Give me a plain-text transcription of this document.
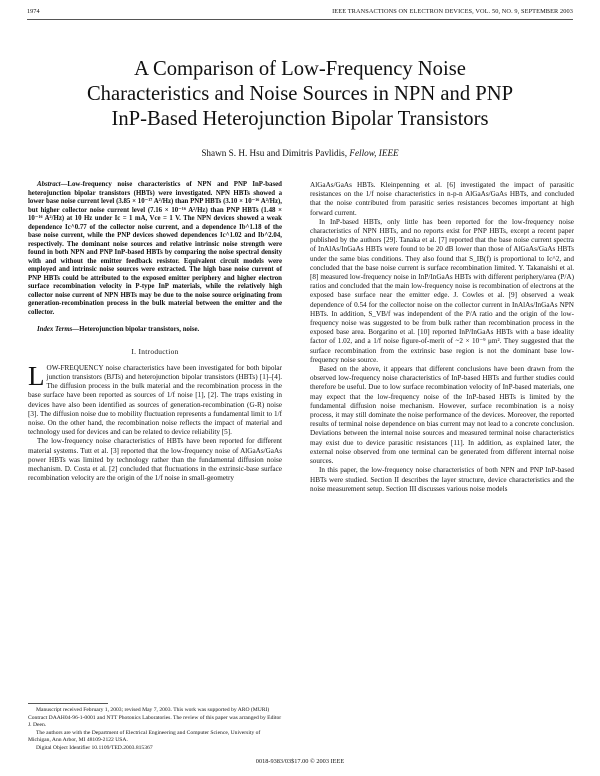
1974	IEEE TRANSACTIONS ON ELECTRON DEVICES, VOL. 50, NO. 9, SEPTEMBER 2003
A Comparison of Low-Frequency Noise
Characteristics and Noise Sources in NPN and PNP
InP-Based Heterojunction Bipolar Transistors
Shawn S. H. Hsu and Dimitris Pavlidis, Fellow, IEEE

Abstract—Low-frequency noise characteristics of NPN and PNP InP-based heterojunction bipolar transistors (HBTs) were investigated. NPN HBTs showed a lower base noise current level (3.85 × 10⁻¹⁷ A²/Hz) than PNP HBTs (3.10 × 10⁻¹⁶ A²/Hz), but higher collector noise current level (7.16 × 10⁻¹⁶ A²/Hz) than PNP HBTs (1.48 × 10⁻¹⁶ A²/Hz) at 10 Hz under Ic = 1 mA, Vce = 1 V. The NPN devices showed a weak dependence Ic^0.77 of the collector noise current, and a dependence Ib^1.18 of the base noise current, while the PNP devices showed dependences Ic^1.02 and Ib^2.04, respectively. The dominant noise sources and relative intrinsic noise strength were found in both NPN and PNP InP-based HBTs by comparing the noise spectral density with and without the emitter feedback resistor. Equivalent circuit models were employed and intrinsic noise sources were extracted. The high base noise current of PNP HBTs could be attributed to the exposed emitter periphery and higher electron surface recombination velocity in P-type InP materials, while the relatively high collector noise current of NPN HBTs may be due to the noise source originating from generation-recombination process in the bulk material between the emitter and the collector.

Index Terms—Heterojunction bipolar transistors, noise.

I. Introduction

LOW-FREQUENCY noise characteristics have been investigated for both bipolar junction transistors (BJTs) and heterojunction bipolar transistors (HBTs) [1]–[4]. The diffusion process in the bulk material and the recombination process in the base surface have been reported as sources of 1/f noise [1], [2]. The traps existing in devices have also been identified as sources of generation-recombination (G-R) noise [3]. The diffusion noise due to mobility fluctuation represents a fundamental limit to 1/f noise. On the other hand, the recombination noise reflects the impact of material and technology used for devices and can be related to device reliability [5].

The low-frequency noise characteristics of HBTs have been reported for different material systems. Tutt et al. [3] reported that the low-frequency noise of AlGaAs/GaAs power HBTs was limited by technology rather than the fundamental diffusion noise mechanism. D. Costa et al. [2] concluded that fluctuations in the extrinsic-base surface recombination velocity are the origin of the 1/f noise in small-geometry

Manuscript received February 1, 2003; revised May 7, 2003. This work was supported by ARO (MURI) Contract DAAH04-96-1-0001 and NTT Photonics Laboratories. The review of this paper was arranged by Editor J. Deen.

The authors are with the Department of Electrical Engineering and Computer Science, University of Michigan, Ann Arbor, MI 48109-2122 USA.

Digital Object Identifier 10.1109/TED.2003.815367

AlGaAs/GaAs HBTs. Kleinpenning et al. [6] investigated the impact of parasitic resistances on the 1/f noise characteristics in n-p-n AlGaAs/GaAs HBTs, and concluded that the noise contributed from parasitic series resistances becomes important at high forward current.

In InP-based HBTs, only little has been reported for the low-frequency noise characteristics of NPN HBTs, and no reports exist for PNP HBTs, except a recent paper published by the authors [29]. Tanaka et al. [7] reported that the base noise current spectra of InAlAs/InGaAs HBTs were found to be 20 dB lower than those of AlGaAs/GaAs HBTs under the same bias conditions. They also found that S_IB(f) is proportional to Ic^2, and concluded that the base noise current is surface recombination limited. Y. Takanaishi et al. [8] measured low-frequency noise in InP/InGaAs HBTs with different periphery/area (P/A) ratios and concluded that the main low-frequency noise is recombination of electrons at the exposed base surface near the emitter edge. J. Cowles et al. [9] observed a weak dependence of 0.54 for the collector noise on the collector current in InAlAs/InGaAs NPN HBTs. In addition, S_VB/f was independent of the P/A ratio and the origin of the low-frequency noise was suggested to be from bulk rather than recombination process in the exposed base area. Borgarino et al. [10] reported InP/InGaAs HBTs with a base ideality factor of 1.02, and a 1/f noise figure-of-merit of ~2 × 10⁻⁹ μm². They suggested that the surface recombination from the extrinsic base region is not the dominant base low-frequency noise source.

Based on the above, it appears that different conclusions have been drawn from the observed low-frequency noise characteristics of InP-based HBTs and further studies could therefore be useful. Due to low surface recombination velocity of InP-based materials, one may expect that the low-frequency noise of the InP-based HBTs is limited by the fundamental diffusion noise mechanism. However, surface recombination is a noisy process, it may still dominate the noise performance of the devices. Moreover, the reported results of terminal noise dependence on bias current may not lead to a concrete conclusion. Deviations between the internal noise sources and measured terminal noise characteristics may exist due to device parasitic resistances [11]. In addition, as explained later, the external noise observed from one terminal can be generated from different internal noise sources.

In this paper, the low-frequency noise characteristics of both NPN and PNP InP-based HBTs were studied. Section II describes the layer structure, device characteristics and the noise measurement setup. Section III discusses various noise models

0018-9383/03$17.00 © 2003 IEEE
